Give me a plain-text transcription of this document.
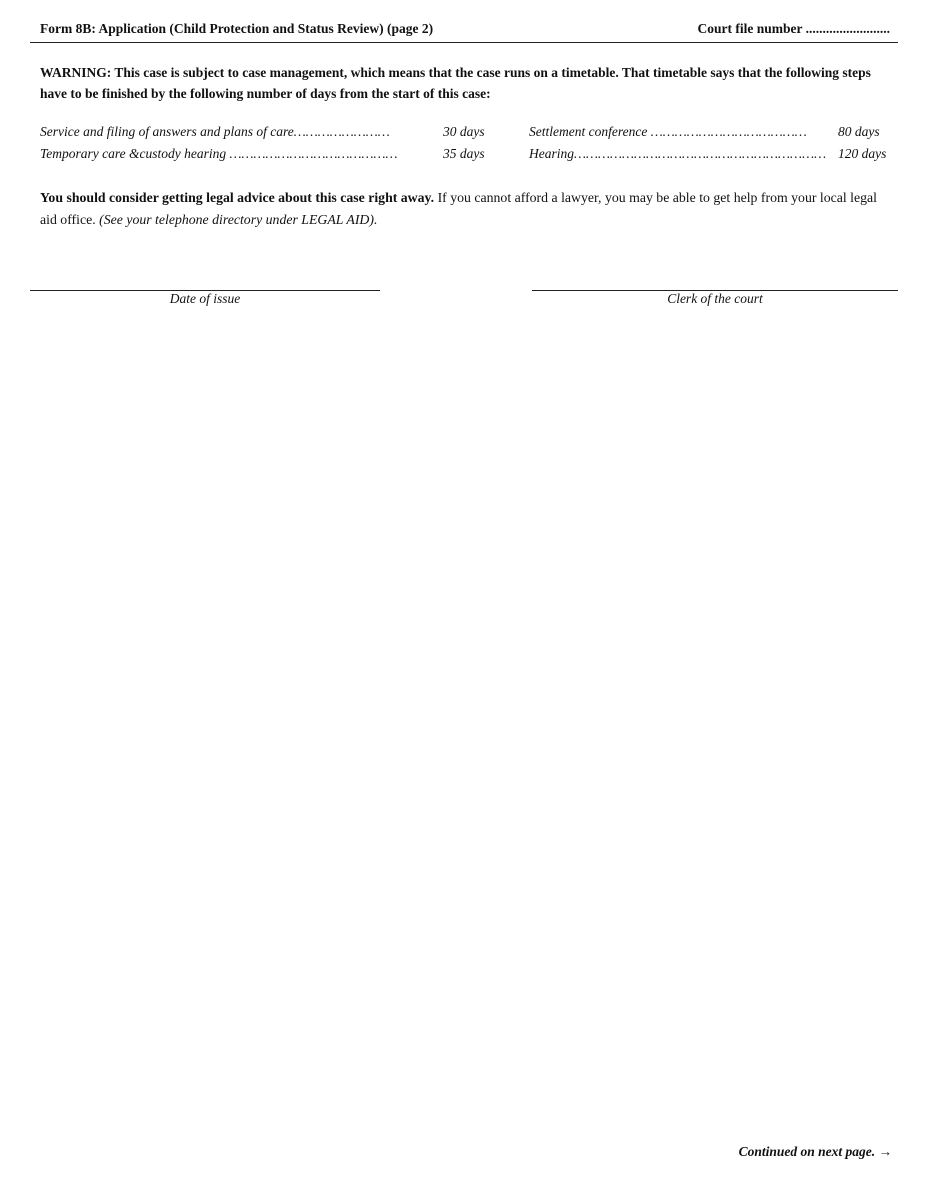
Form 8B: Application (Child Protection and Status Review) (page 2)	Court file number .........................
WARNING: This case is subject to case management, which means that the case runs on a timetable. That timetable says that the following steps have to be finished by the following number of days from the start of this case:
Service and filing of answers and plans of care……………………	30 days	Settlement conference ………………………………… 80 days
Temporary care &custody hearing ……………………………………	35 days	Hearing……………………………………………………… 120 days
You should consider getting legal advice about this case right away. If you cannot afford a lawyer, you may be able to get help from your local legal aid office. (See your telephone directory under LEGAL AID).
Date of issue	Clerk of the court
Continued on next page. →
